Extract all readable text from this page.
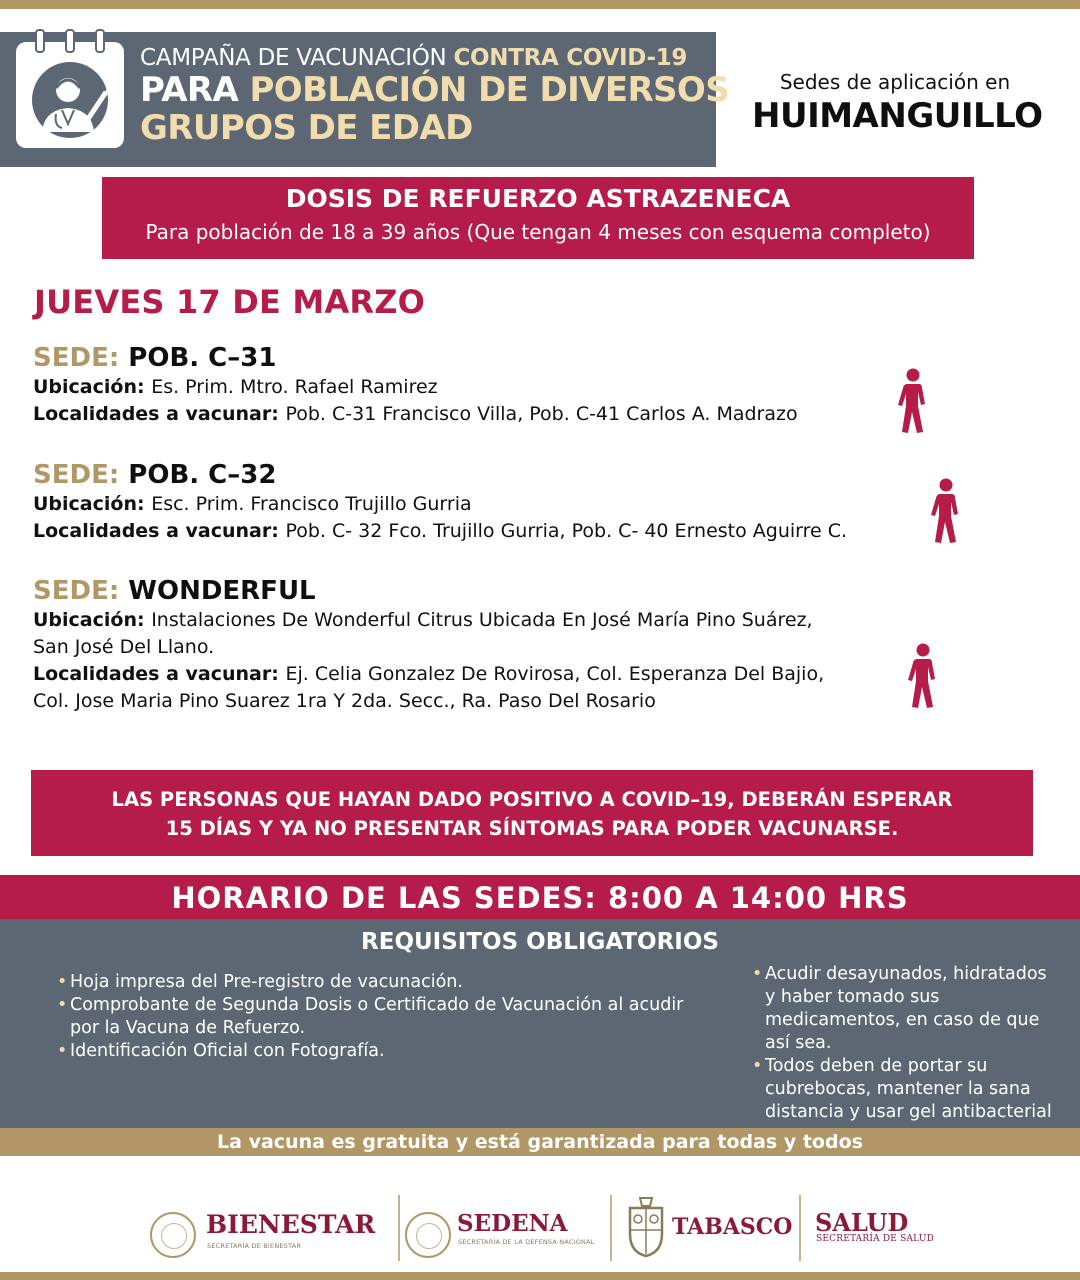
CAMPAÑA DE VACUNACIÓN CONTRA COVID-19
PARA POBLACIÓN DE DIVERSOS
GRUPOS DE EDAD
Sedes de aplicación en
HUIMANGUILLO
DOSIS DE REFUERZO ASTRAZENECA
Para población de 18 a 39 años (Que tengan 4 meses con esquema completo)
JUEVES 17 DE MARZO
SEDE: POB. C–31
Ubicación: Es. Prim. Mtro. Rafael Ramirez
Localidades a vacunar: Pob. C-31 Francisco Villa, Pob. C-41 Carlos A. Madrazo
SEDE: POB. C–32
Ubicación: Esc. Prim. Francisco Trujillo Gurria
Localidades a vacunar: Pob. C- 32 Fco. Trujillo Gurria, Pob. C- 40 Ernesto Aguirre C.
SEDE: WONDERFUL
Ubicación: Instalaciones De Wonderful Citrus Ubicada En José María Pino Suárez,
San José Del Llano.
Localidades a vacunar: Ej. Celia Gonzalez De Rovirosa, Col. Esperanza Del Bajio,
Col. Jose Maria Pino Suarez 1ra Y 2da. Secc., Ra. Paso Del Rosario
LAS PERSONAS QUE HAYAN DADO POSITIVO A COVID–19, DEBERÁN ESPERAR
15 DÍAS Y YA NO PRESENTAR SÍNTOMAS PARA PODER VACUNARSE.
HORARIO DE LAS SEDES: 8:00 A 14:00 HRS
REQUISITOS OBLIGATORIOS
• Hoja impresa del Pre-registro de vacunación.
• Comprobante de Segunda Dosis o Certificado de Vacunación al acudir por la Vacuna de Refuerzo.
• Identificación Oficial con Fotografía.
• Acudir desayunados, hidratados y haber tomado sus medicamentos, en caso de que así sea.
• Todos deben de portar su cubrebocas, mantener la sana distancia y usar gel antibacterial
La vacuna es gratuita y está garantizada para todas y todos
BIENESTAR
SECRETARÍA DE BIENESTAR
SEDENA
SECRETARÍA DE LA DEFENSA NACIONAL
TABASCO SALUD
SECRETARÍA DE SALUD
